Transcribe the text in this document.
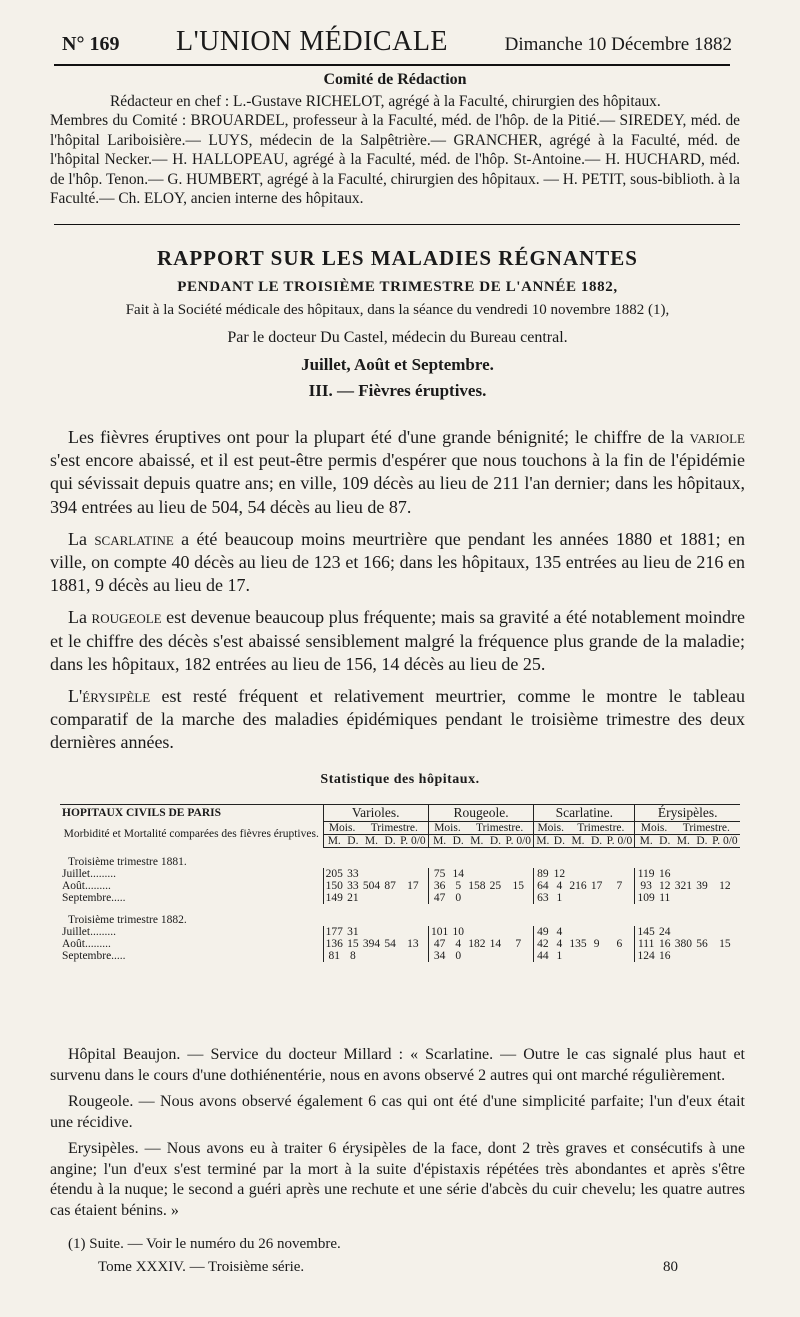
N° 169 L'UNION MÉDICALE	Dimanche 10 Décembre 1882
Comité de Rédaction

Rédacteur en chef : L.-Gustave RICHELOT, agrégé à la Faculté, chirurgien des hôpitaux.

Membres du Comité : BROUARDEL, professeur à la Faculté, méd. de l'hôp. de la Pitié.— SIREDEY, méd. de l'hôpital Lariboisière.— LUYS, médecin de la Salpêtrière.— GRANCHER, agrégé à la Faculté, méd. de l'hôpital Necker.— H. HALLOPEAU, agrégé à la Faculté, méd. de l'hôp. St-Antoine.— H. HUCHARD, méd. de l'hôp. Tenon.— G. HUMBERT, agrégé à la Faculté, chirurgien des hôpitaux. — H. PETIT, sous-biblioth. à la Faculté.— Ch. ELOY, ancien interne des hôpitaux.

RAPPORT SUR LES MALADIES RÉGNANTES
PENDANT LE TROISIÈME TRIMESTRE DE L'ANNÉE 1882,
Fait à la Société médicale des hôpitaux, dans la séance du vendredi 10 novembre 1882 (1),
Par le docteur Du Castel, médecin du Bureau central.
Juillet, Août et Septembre.
III. — Fièvres éruptives.

Les fièvres éruptives ont pour la plupart été d'une grande bénignité; le chiffre de la variole s'est encore abaissé, et il est peut-être permis d'espérer que nous touchons à la fin de l'épidémie qui sévissait depuis quatre ans; en ville, 109 décès au lieu de 211 l'an dernier; dans les hôpitaux, 394 entrées au lieu de 504, 54 décès au lieu de 87.

La scarlatine a été beaucoup moins meurtrière que pendant les années 1880 et 1881; en ville, on compte 40 décès au lieu de 123 et 166; dans les hôpitaux, 135 entrées au lieu de 216 en 1881, 9 décès au lieu de 17.

La rougeole est devenue beaucoup plus fréquente; mais sa gravité a été notablement moindre et le chiffre des décès s'est abaissé sensiblement malgré la fréquence plus grande de la maladie; dans les hôpitaux, 182 entrées au lieu de 156, 14 décès au lieu de 25.

L'érysipèle est resté fréquent et relativement meurtrier, comme le montre le tableau comparatif de la marche des maladies épidémiques pendant le troisième trimestre des deux dernières années.

Statistique des hôpitaux.
HOPITAUX CIVILS DE PARIS	Varioles.					Rougeole.					Scarlatine.					Érysipèles.				
Morbidité et Mortalité comparées des fièvres éruptives.	Mois.		Trimestre.			Mois.		Trimestre.			Mois.		Trimestre.			Mois.		Trimestre.		
	M.	D.	M.	D.	P. 0/0	M.	D.	M.	D.	P. 0/0	M.	D.	M.	D.	P. 0/0	M.	D.	M.	D.	P. 0/0
Troisième trimestre 1881.																				
Juillet.........	205	33				75	14				89	12				119	16			
Août.........	150	33	504	87	17	36	5	158	25	15	64	4	216	17	7	93	12	321	39	12
Septembre.....	149	21				47	0				63	1				109	11			
Troisième trimestre 1882.																				
Juillet.........	177	31				101	10				49	4				145	24			
Août.........	136	15	394	54	13	47	4	182	14	7	42	4	135	9	6	111	16	380	56	15
Septembre.....	81	8				34	0				44	1				124	16			

Hôpital Beaujon. — Service du docteur Millard : « Scarlatine. — Outre le cas signalé plus haut et survenu dans le cours d'une dothiénentérie, nous en avons observé 2 autres qui ont marché régulièrement.

Rougeole. — Nous avons observé également 6 cas qui ont été d'une simplicité parfaite; l'un d'eux était une récidive.

Erysipèles. — Nous avons eu à traiter 6 érysipèles de la face, dont 2 très graves et consécutifs à une angine; l'un d'eux s'est terminé par la mort à la suite d'épistaxis répétées très abondantes et après s'être étendu à la nuque; le second a guéri après une rechute et une série d'abcès du cuir chevelu; les quatre autres cas étaient bénins. »

(1) Suite. — Voir le numéro du 26 novembre.
Tome XXXIV. — Troisième série.	80
